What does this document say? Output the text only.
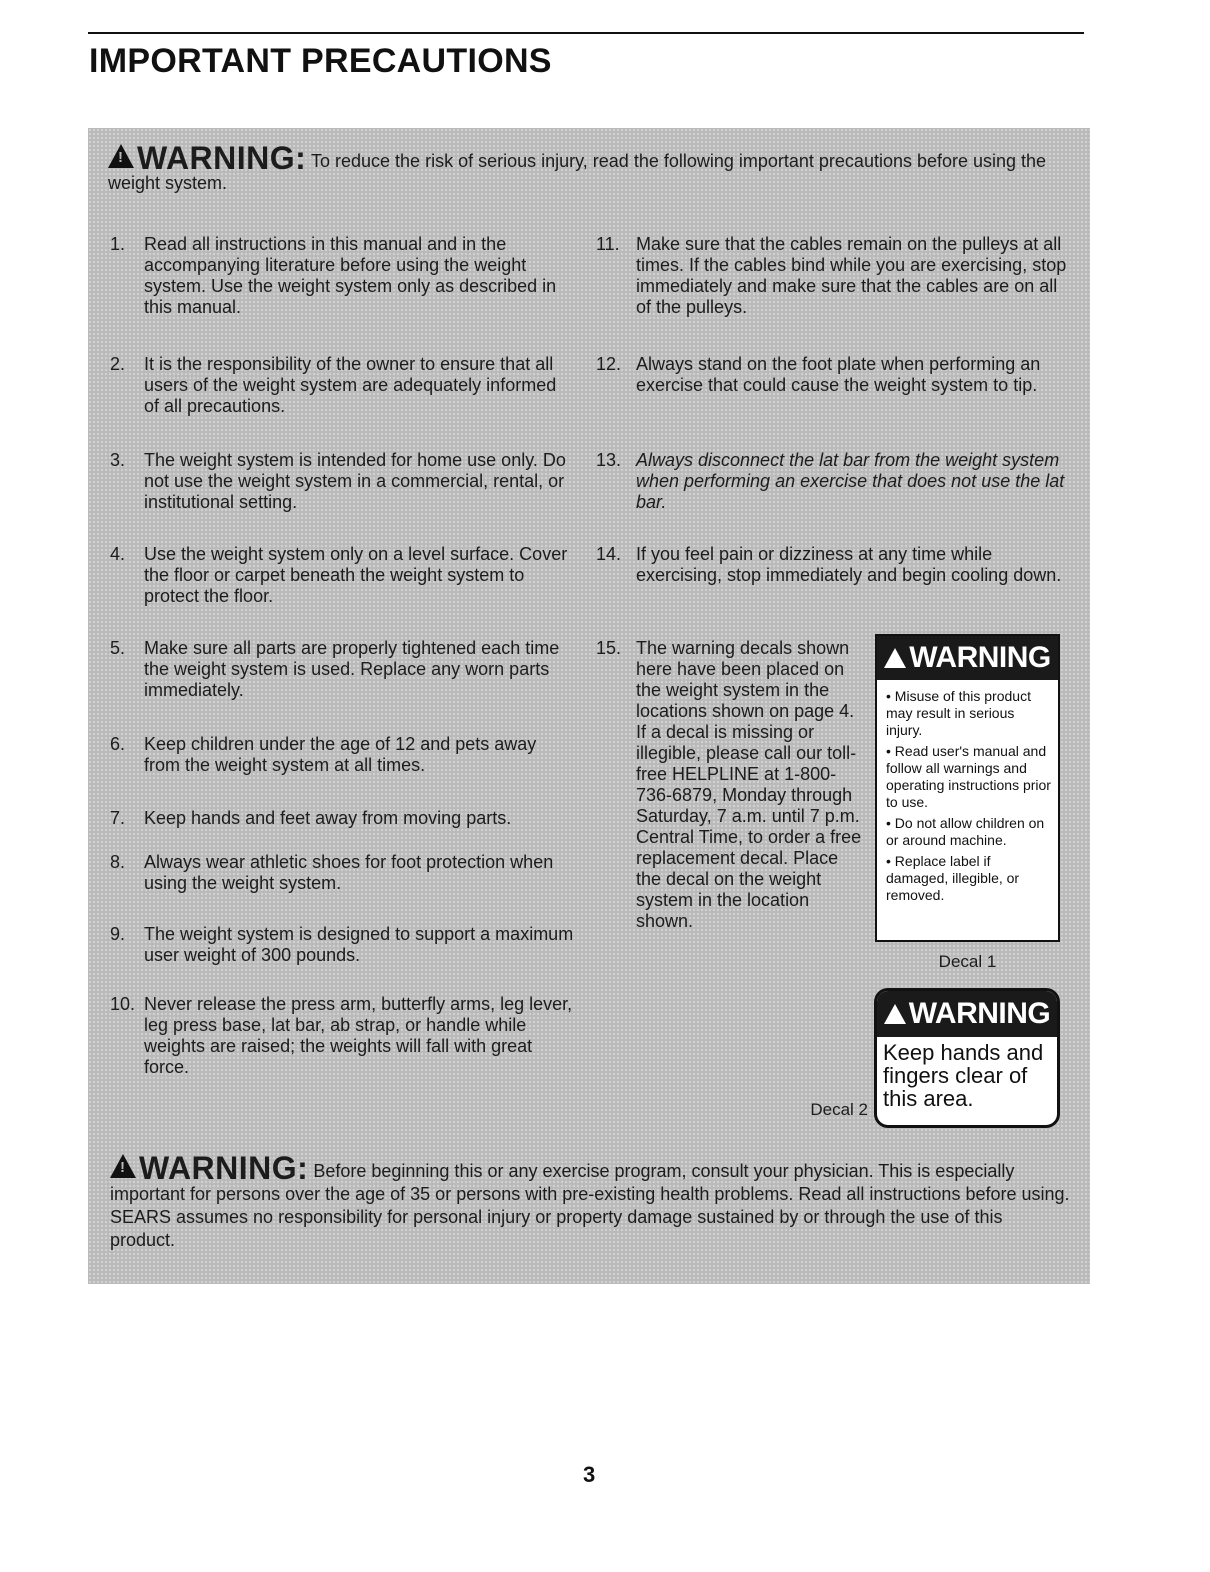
IMPORTANT PRECAUTIONS
!WARNING: To reduce the risk of serious injury, read the following important precautions before using the weight system.
1. Read all instructions in this manual and in the accompanying literature before using the weight system. Use the weight system only as described in this manual.
2. It is the responsibility of the owner to ensure that all users of the weight system are adequately informed of all precautions.
3. The weight system is intended for home use only. Do not use the weight system in a commercial, rental, or institutional setting.
4. Use the weight system only on a level surface. Cover the floor or carpet beneath the weight system to protect the floor.
5. Make sure all parts are properly tightened each time the weight system is used. Replace any worn parts immediately.
6. Keep children under the age of 12 and pets away from the weight system at all times.
7. Keep hands and feet away from moving parts.
8. Always wear athletic shoes for foot protection when using the weight system.
9. The weight system is designed to support a maximum user weight of 300 pounds.
10. Never release the press arm, butterfly arms, leg lever, leg press base, lat bar, ab strap, or handle while weights are raised; the weights will fall with great force.
11. Make sure that the cables remain on the pulleys at all times. If the cables bind while you are exercising, stop immediately and make sure that the cables are on all of the pulleys.
12. Always stand on the foot plate when performing an exercise that could cause the weight system to tip.
13. Always disconnect the lat bar from the weight system when performing an exercise that does not use the lat bar.
14. If you feel pain or dizziness at any time while exercising, stop immediately and begin cooling down.
15. The warning decals shown here have been placed on the weight system in the locations shown on page 4. If a decal is missing or illegible, please call our toll-free HELPLINE at 1-800-736-6879, Monday through Saturday, 7 a.m. until 7 p.m. Central Time, to order a free replacement decal. Place the decal on the weight system in the location shown.
!WARNING
• Misuse of this product may result in serious injury.
• Read user's manual and follow all warnings and operating instructions prior to use.
• Do not allow children on or around machine.
• Replace label if damaged, illegible, or removed.
Decal 1
!WARNING
Keep hands and fingers clear of this area.
Decal 2
!WARNING: Before beginning this or any exercise program, consult your physician. This is especially important for persons over the age of 35 or persons with pre-existing health problems. Read all instructions before using. SEARS assumes no responsibility for personal injury or property damage sustained by or through the use of this product.
3
